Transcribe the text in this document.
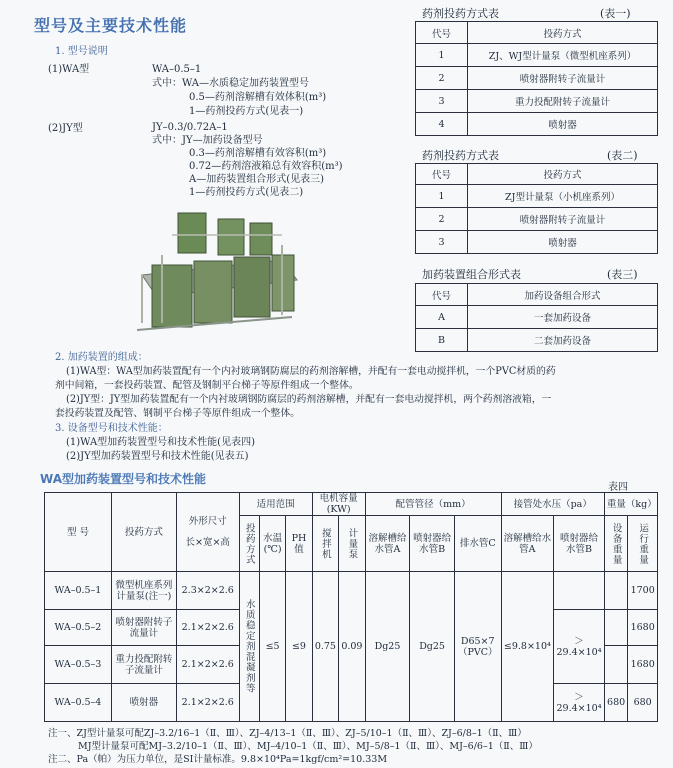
型号及主要技术性能
1. 型号说明
(1)WA型	WA–0.5–1
式中：WA—水质稳定加药装置型号
0.5—药剂溶解槽有效体积(m³)
1—药剂投药方式(见表一)
(2)JY型	JY–0.3/0.72A–1
式中：JY—加药设备型号
0.3—药剂溶解槽有效容积(m³)
0.72—药剂溶液箱总有效容积(m³)
A—加药装置组合形式(见表三)
1—药剂投药方式(见表二)
药剂投药方式表	(表一)
代号	投药方式
1	ZJ、WJ型计量泵（微型机座系列）
2	喷射器附转子流量计
3	重力投配附转子流量计
4	喷射器
药剂投药方式表	(表二)
代号	投药方式
1	ZJ型计量泵（小机座系列）
2	喷射器附转子流量计
3	喷射器
加药装置组合形式表	(表三)
代号	加药设备组合形式
A	一套加药设备
B	二套加药设备
2. 加药装置的组成：
(1)WA型：WA型加药装置配有一个内衬玻璃钢防腐层的药剂溶解槽，并配有一套电动搅拌机，一个PVC材质的药
剂中间箱，一套投药装置、配管及钢制平台梯子等原件组成一个整体。
(2)JY型：JY型加药装置配有一个内衬玻璃钢防腐层的药剂溶解槽，并配有一套电动搅拌机，两个药剂溶液箱，一
套投药装置及配管、钢制平台梯子等原件组成一个整体。
3. 设备型号和技术性能：
(1)WA型加药装置型号和技术性能(见表四)
(2)JY型加药装置型号和技术性能(见表五)
WA型加药装置型号和技术性能
表四
型 号	投药方式	外形尺寸
长×宽×高	适用范围			电机容量(KW)		配管管径（mm）			接管处水压（pa）		重量（kg）	
			投药方式	水温(℃)	PH值	搅拌机	计量泵	溶解槽给水管A	喷射器给水管B	排水管C	溶解槽给水管A	喷射器给水管B	设备重量	运行重量
WA–0.5–1	微型机座系列计量泵(注一)	2.3×2×2.6	水质稳定剂混凝剂等	≤5	≤9	0.75	0.09	Dg25	Dg25	D65×7（PVC）	≤9.8×10⁴			1700
WA–0.5–2	喷射器附转子流量计	2.1×2×2.6										＞29.4×10⁴		1680
WA–0.5–3	重力投配附转子流量计	2.1×2×2.6												1680
WA–0.5–4	喷射器	2.1×2×2.6										＞29.4×10⁴	680	680
注一、ZJ型计量泵可配ZJ–3.2/16–1（Ⅱ、Ⅲ）、ZJ–4/13–1（Ⅱ、Ⅲ）、ZJ–5/10–1（Ⅱ、Ⅲ）、ZJ–6/8–1（Ⅱ、Ⅲ）
MJ型计量泵可配MJ–3.2/10–1（Ⅱ、Ⅲ）、MJ–4/10–1（Ⅱ、Ⅲ）、MJ–5/8–1（Ⅱ、Ⅲ）、MJ–6/6–1（Ⅱ、Ⅲ）
注二、Pa（帕）为压力单位，是SI计量标准。9.8×10⁴Pa=1kgf/cm²=10.33M
